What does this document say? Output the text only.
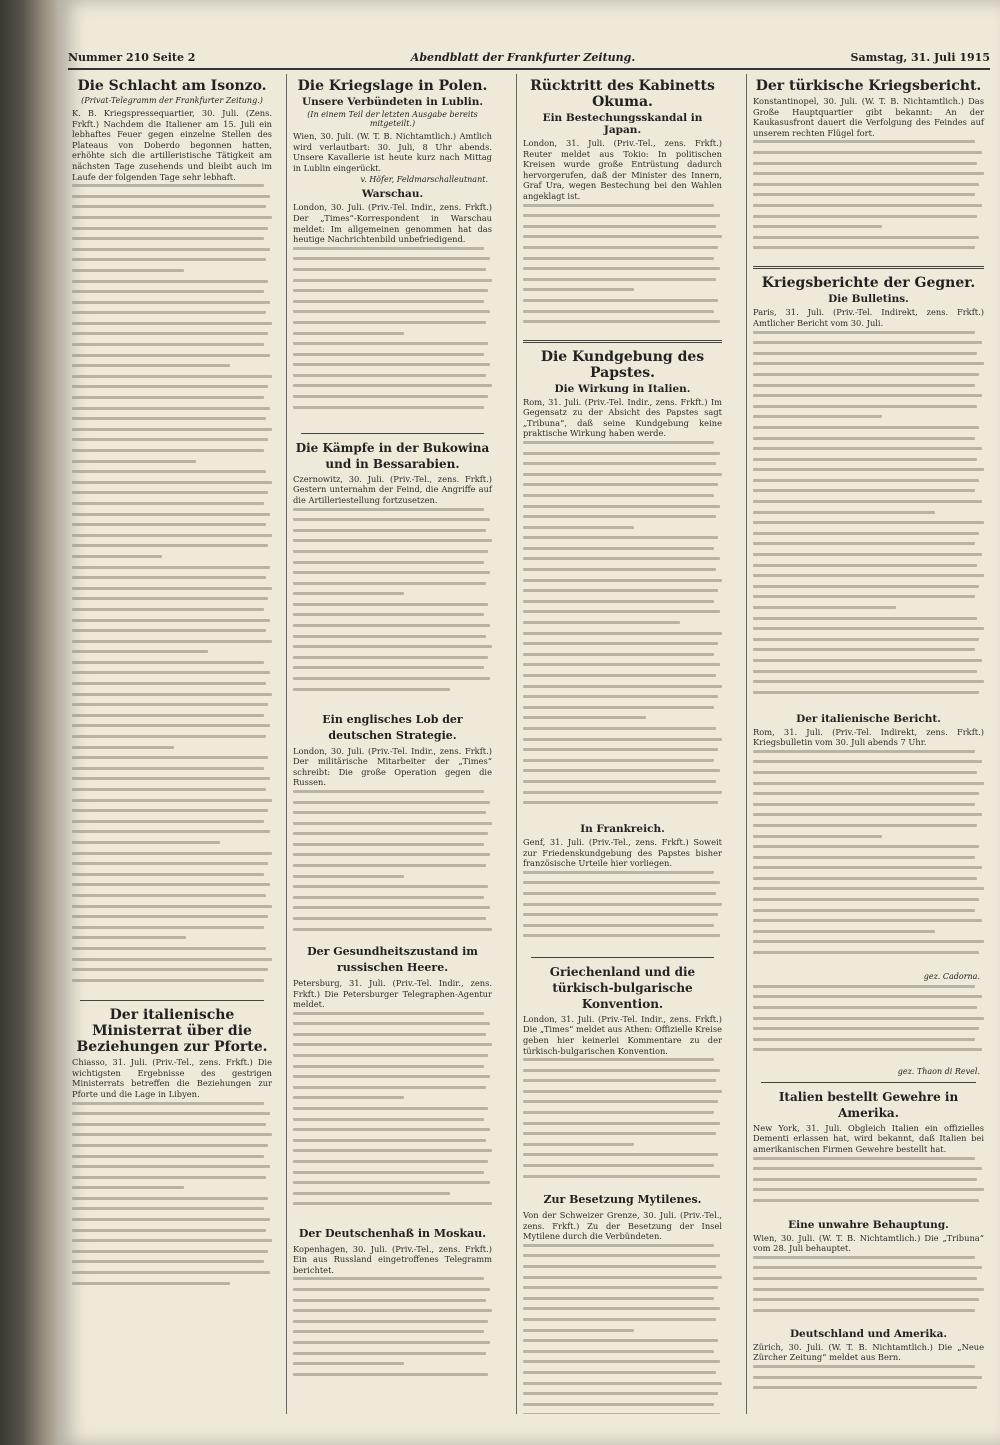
Nummer 210 Seite 2	Abendblatt der Frankfurter Zeitung.	Samstag, 31. Juli 1915
Die Schlacht am Isonzo.
(Privat-Telegramm der Frankfurter Zeitung.)

K. B. Kriegspressequartier, 30. Juli. (Zens. Frkft.) Nachdem die Italiener am 15. Juli ein lebhaftes Feuer gegen einzelne Stellen des Plateaus von Doberdo begonnen hatten, erhöhte sich die artilleristische Tätigkeit am nächsten Tage zusehends und bleibt auch im Laufe der folgenden Tage sehr lebhaft.

Der italienische Ministerrat über die Beziehungen zur Pforte.

Chiasso, 31. Juli. (Priv.-Tel., zens. Frkft.) Die wichtigsten Ergebnisse des gestrigen Ministerrats betreffen die Beziehungen zur Pforte und die Lage in Libyen.

Die Kriegslage in Polen.
Unsere Verbündeten in Lublin.
(In einem Teil der letzten Ausgabe bereits mitgeteilt.)

Wien, 30. Juli. (W. T. B. Nichtamtlich.) Amtlich wird verlautbart: 30. Juli, 8 Uhr abends. Unsere Kavallerie ist heute kurz nach Mittag in Lublin eingerückt.

v. Höfer, Feldmarschalleutnant.
Warschau.

London, 30. Juli. (Priv.-Tel. Indir., zens. Frkft.) Der „Times“-Korrespondent in Warschau meldet: Im allgemeinen genommen hat das heutige Nachrichtenbild unbefriedigend.

Die Kämpfe in der Bukowina und in Bessarabien.

Czernowitz, 30. Juli. (Priv.-Tel., zens. Frkft.) Gestern unternahm der Feind, die Angriffe auf die Artilleriestellung fortzusetzen.

Ein englisches Lob der deutschen Strategie.

London, 30. Juli. (Priv.-Tel. Indir., zens. Frkft.) Der militärische Mitarbeiter der „Times“ schreibt: Die große Operation gegen die Russen.

Der Gesundheitszustand im russischen Heere.

Petersburg, 31. Juli. (Priv.-Tel. Indir., zens. Frkft.) Die Petersburger Telegraphen-Agentur meldet.

Der Deutschenhaß in Moskau.

Kopenhagen, 30. Juli. (Priv.-Tel., zens. Frkft.) Ein aus Russland eingetroffenes Telegramm berichtet.

Rücktritt des Kabinetts Okuma.
Ein Bestechungsskandal in Japan.

London, 31. Juli. (Priv.-Tel., zens. Frkft.) Reuter meldet aus Tokio: In politischen Kreisen wurde große Entrüstung dadurch hervorgerufen, daß der Minister des Innern, Graf Ura, wegen Bestechung bei den Wahlen angeklagt ist.

Die Kundgebung des Papstes.
Die Wirkung in Italien.

Rom, 31. Juli. (Priv.-Tel. Indir., zens. Frkft.) Im Gegensatz zu der Absicht des Papstes sagt „Tribuna“, daß seine Kundgebung keine praktische Wirkung haben werde.

In Frankreich.

Genf, 31. Juli. (Priv.-Tel., zens. Frkft.) Soweit zur Friedenskundgebung des Papstes bisher französische Urteile hier vorliegen.

Griechenland und die türkisch-bulgarische Konvention.

London, 31. Juli. (Priv.-Tel. Indir., zens. Frkft.) Die „Times“ meldet aus Athen: Offizielle Kreise geben hier keinerlei Kommentare zu der türkisch-bulgarischen Konvention.

Zur Besetzung Mytilenes.

Von der Schweizer Grenze, 30. Juli. (Priv.-Tel., zens. Frkft.) Zu der Besetzung der Insel Mytilene durch die Verbündeten.

Der türkische Kriegsbericht.

Konstantinopel, 30. Juli. (W. T. B. Nichtamtlich.) Das Große Hauptquartier gibt bekannt: An der Kaukasusfront dauert die Verfolgung des Feindes auf unserem rechten Flügel fort.

Kriegsberichte der Gegner.
Die Bulletins.

Paris, 31. Juli. (Priv.-Tel. Indirekt, zens. Frkft.) Amtlicher Bericht vom 30. Juli.

Der italienische Bericht.

Rom, 31. Juli. (Priv.-Tel. Indirekt, zens. Frkft.) Kriegsbulletin vom 30. Juli abends 7 Uhr.

gez. Cadorna.
gez. Thaon di Revel.
Italien bestellt Gewehre in Amerika.

New York, 31. Juli. Obgleich Italien ein offizielles Dementi erlassen hat, wird bekannt, daß Italien bei amerikanischen Firmen Gewehre bestellt hat.

Eine unwahre Behauptung.

Wien, 30. Juli. (W. T. B. Nichtamtlich.) Die „Tribuna“ vom 28. Juli behauptet.

Deutschland und Amerika.

Zürich, 30. Juli. (W. T. B. Nichtamtlich.) Die „Neue Zürcher Zeitung“ meldet aus Bern.
